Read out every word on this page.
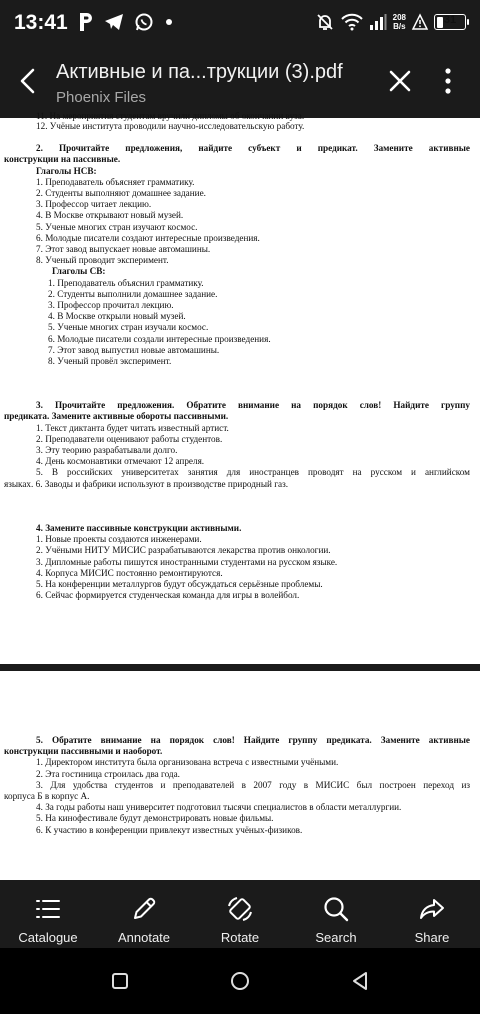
13:41	208
B/s
31
Активные и па...трукции (3).pdf
Phoenix Files
11. На мероприятия студентам вручили дипломы об окончании вуза.
12. Учёные института проводили научно-исследовательскую работу.
2. Прочитайте предложения, найдите субъект и предикат. Замените активные
конструкции на пассивные.
Глаголы НСВ:
1. Преподаватель объясняет грамматику.
2. Студенты выполняют домашнее задание.
3. Профессор читает лекцию.
4. В Москве открывают новый музей.
5. Ученые многих стран изучают космос.
6. Молодые писатели создают интересные произведения.
7. Этот завод выпускает новые автомашины.
8. Ученый проводит эксперимент.
Глаголы СВ:
1. Преподаватель объяснил грамматику.
2. Студенты выполнили домашнее задание.
3. Профессор прочитал лекцию.
4. В Москве открыли новый музей.
5. Ученые многих стран изучали космос.
6. Молодые писатели создали интересные произведения.
7. Этот завод выпустил новые автомашины.
8. Ученый провёл эксперимент.
3. Прочитайте предложения. Обратите внимание на порядок слов! Найдите группу
предиката. Замените активные обороты пассивными.
1. Текст диктанта будет читать известный артист.
2. Преподаватели оценивают работы студентов.
3. Эту теорию разрабатывали долго.
4. День космонавтики отмечают 12 апреля.
5. В российских университетах занятия для иностранцев проводят на русском и английском
языках. 6. Заводы и фабрики используют в производстве природный газ.
4. Замените пассивные конструкции активными.
1. Новые проекты создаются инженерами.
2. Учёными НИТУ МИСИС разрабатываются лекарства против онкологии.
3. Дипломные работы пишутся иностранными студентами на русском языке.
4. Корпуса МИСИС постоянно ремонтируются.
5. На конференции металлургов будут обсуждаться серьёзные проблемы.
6. Сейчас формируется студенческая команда для игры в волейбол.
5. Обратите внимание на порядок слов! Найдите группу предиката. Замените активные
конструкции пассивными и наоборот.
1. Директором института была организована встреча с известными учёными.
2. Эта гостиница строилась два года.
3. Для удобства студентов и преподавателей в 2007 году в МИСИС был построен переход из
корпуса Б в корпус А.
4. За годы работы наш университет подготовил тысячи специалистов в области металлургии.
5. На кинофестивале будут демонстрировать новые фильмы.
6. К участию в конференции привлекут известных учёных-физиков.
Catalogue	Annotate	Rotate	Search	Share
